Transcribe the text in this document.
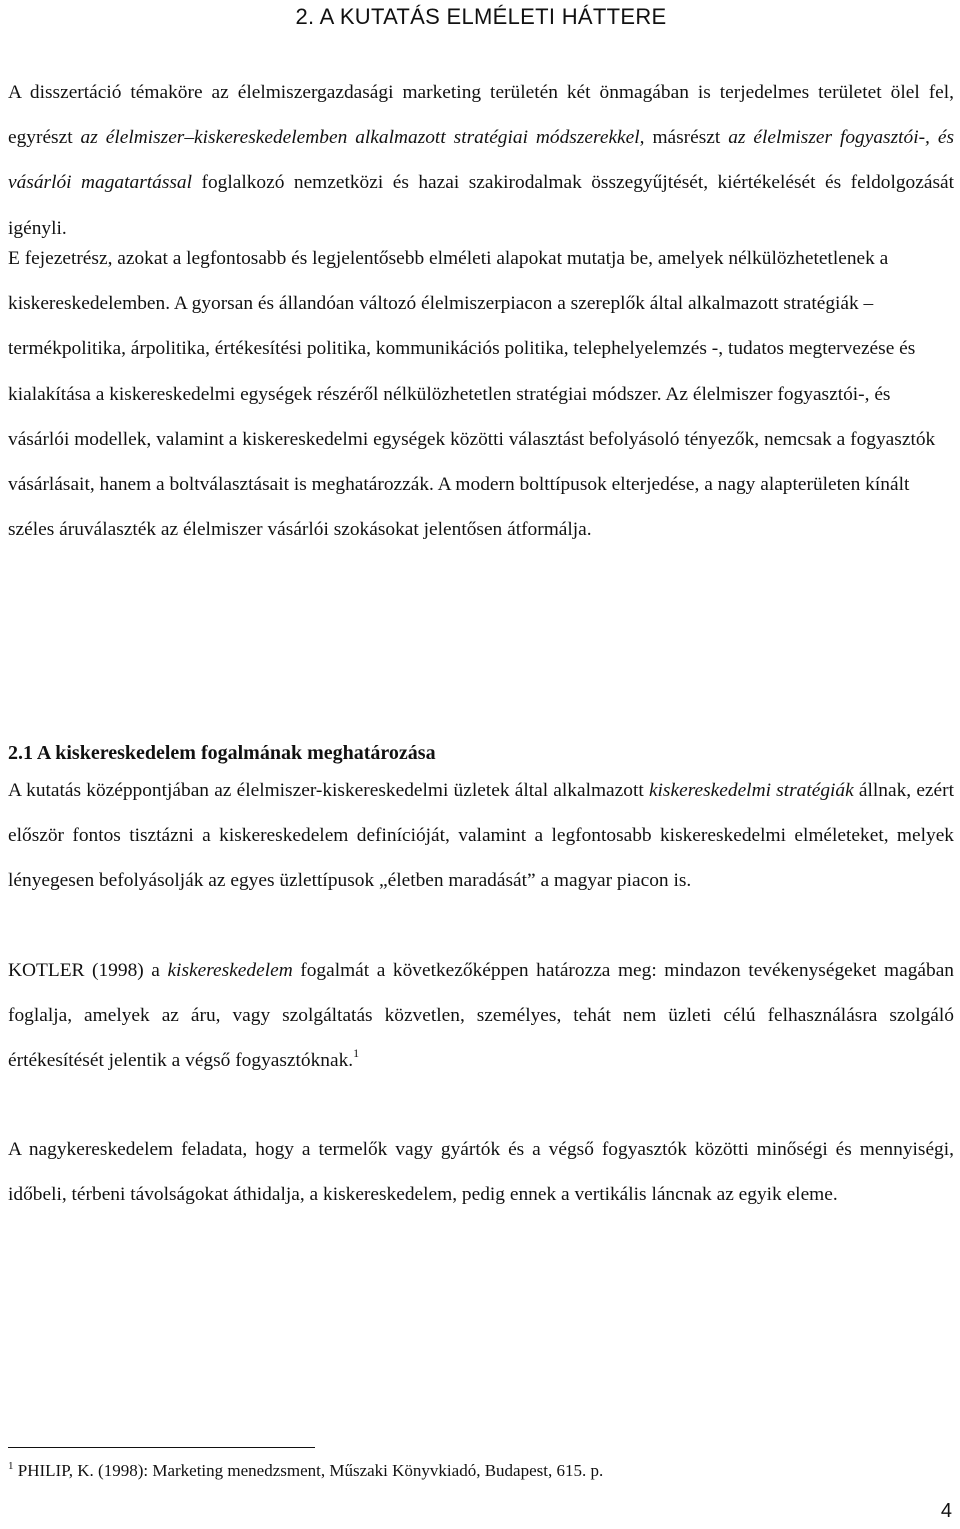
2. A KUTATÁS ELMÉLETI HÁTTERE

A disszertáció témaköre az élelmiszergazdasági marketing területén két önmagában is terjedelmes területet ölel fel, egyrészt az élelmiszer–kiskereskedelemben alkalmazott stratégiai módszerekkel, másrészt az élelmiszer fogyasztói-, és vásárlói magatartással foglalkozó nemzetközi és hazai szakirodalmak összegyűjtését, kiértékelését és feldolgozását igényli.

E fejezetrész, azokat a legfontosabb és legjelentősebb elméleti alapokat mutatja be, amelyek nélkülözhetetlenek a kiskereskedelemben. A gyorsan és állandóan változó élelmiszerpiacon a szereplők által alkalmazott stratégiák – termékpolitika, árpolitika, értékesítési politika, kommunikációs politika, telephelyelemzés -, tudatos megtervezése és kialakítása a kiskereskedelmi egységek részéről nélkülözhetetlen stratégiai módszer. Az élelmiszer fogyasztói-, és vásárlói modellek, valamint a kiskereskedelmi egységek közötti választást befolyásoló tényezők, nemcsak a fogyasztók vásárlásait, hanem a boltválasztásait is meghatározzák. A modern bolttípusok elterjedése, a nagy alapterületen kínált széles áruválaszték az élelmiszer vásárlói szokásokat jelentősen átformálja.

2.1 A kiskereskedelem fogalmának meghatározása

A kutatás középpontjában az élelmiszer-kiskereskedelmi üzletek által alkalmazott kiskereskedelmi stratégiák állnak, ezért először fontos tisztázni a kiskereskedelem definícióját, valamint a legfontosabb kiskereskedelmi elméleteket, melyek lényegesen befolyásolják az egyes üzlettípusok „életben maradását” a magyar piacon is.

KOTLER (1998) a kiskereskedelem fogalmát a következőképpen határozza meg: mindazon tevékenységeket magában foglalja, amelyek az áru, vagy szolgáltatás közvetlen, személyes, tehát nem üzleti célú felhasználásra szolgáló értékesítését jelentik a végső fogyasztóknak.$^1$

A nagykereskedelem feladata, hogy a termelők vagy gyártók és a végső fogyasztók közötti minőségi és mennyiségi, időbeli, térbeni távolságokat áthidalja, a kiskereskedelem, pedig ennek a vertikális láncnak az egyik eleme.

$^1$ PHILIP, K. (1998): Marketing menedzsment, Műszaki Könyvkiadó, Budapest, 615. p.

4
